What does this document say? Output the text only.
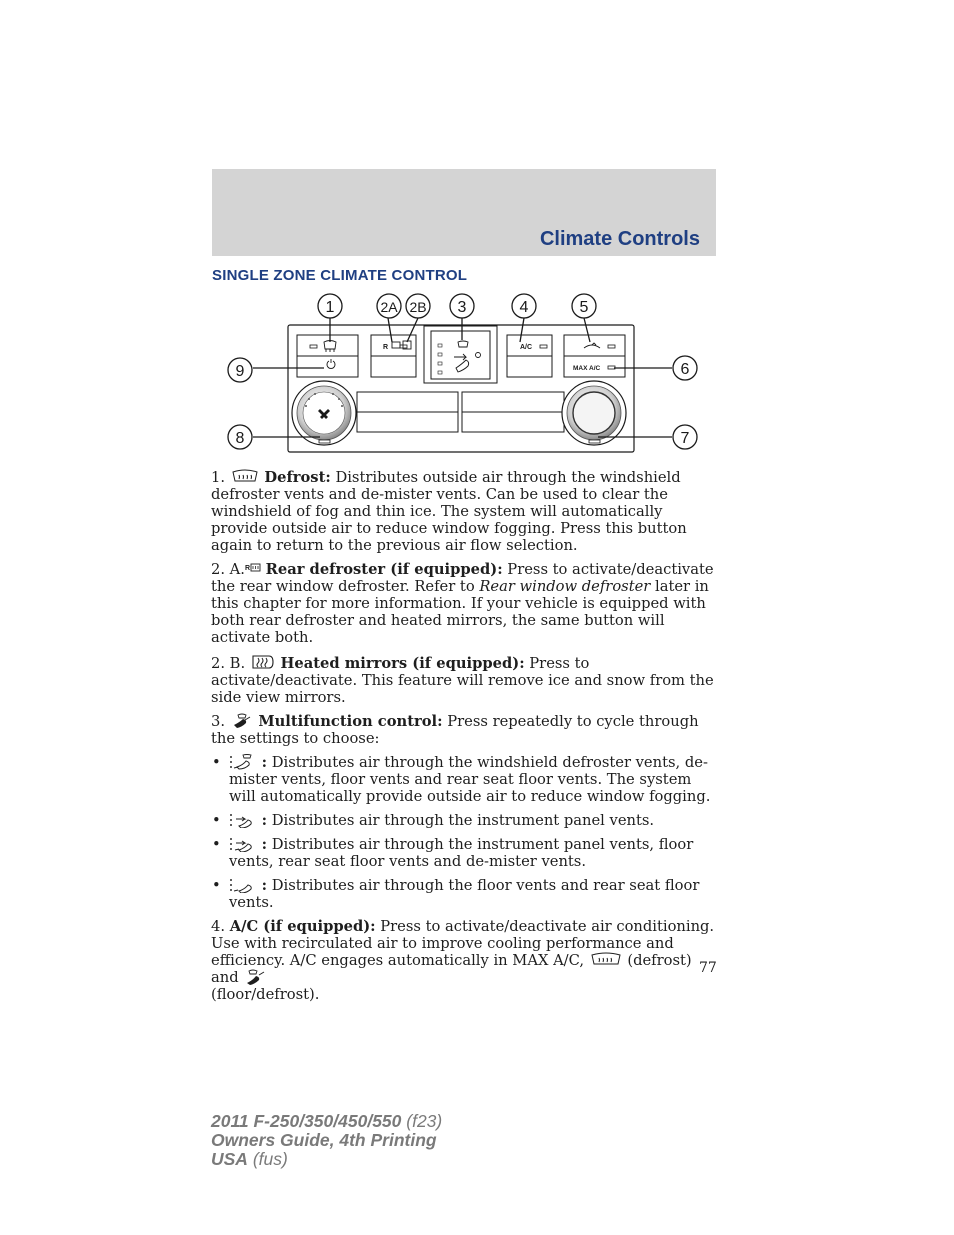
Climate Controls
SINGLE ZONE CLIMATE CONTROL
R	A/C
MAX A/C
1	2A 2B 3	4	5
6
7
8
9

1.	Defrost: Distributes outside air through the windshield defroster vents and de-mister vents. Can be used to clear the windshield of fog and thin ice. The system will automatically provide outside air to reduce window fogging. Press this button again to return to the previous air flow selection.

2. A. R Rear defroster (if equipped): Press to activate/deactivate the rear window defroster. Refer to Rear window defroster later in this chapter for more information. If your vehicle is equipped with both rear defroster and heated mirrors, the same button will activate both.

2. B. Heated mirrors (if equipped): Press to activate/deactivate. This feature will remove ice and snow from the side view mirrors.

3. Multifunction control: Press repeatedly to cycle through the settings to choose:

• : Distributes air through the windshield defroster vents, de-mister vents, floor vents and rear seat floor vents. The system will automatically provide outside air to reduce window fogging.
• : Distributes air through the instrument panel vents.
• : Distributes air through the instrument panel vents, floor vents, rear seat floor vents and de-mister vents.
• : Distributes air through the floor vents and rear seat floor vents.

4. A/C (if equipped): Press to activate/deactivate air conditioning. Use with recirculated air to improve cooling performance and efficiency. A/C engages automatically in MAX A/C,	(defrost) and
(floor/defrost).

77
2011 F-250/350/450/550 (f23)
Owners Guide, 4th Printing
USA (fus)
